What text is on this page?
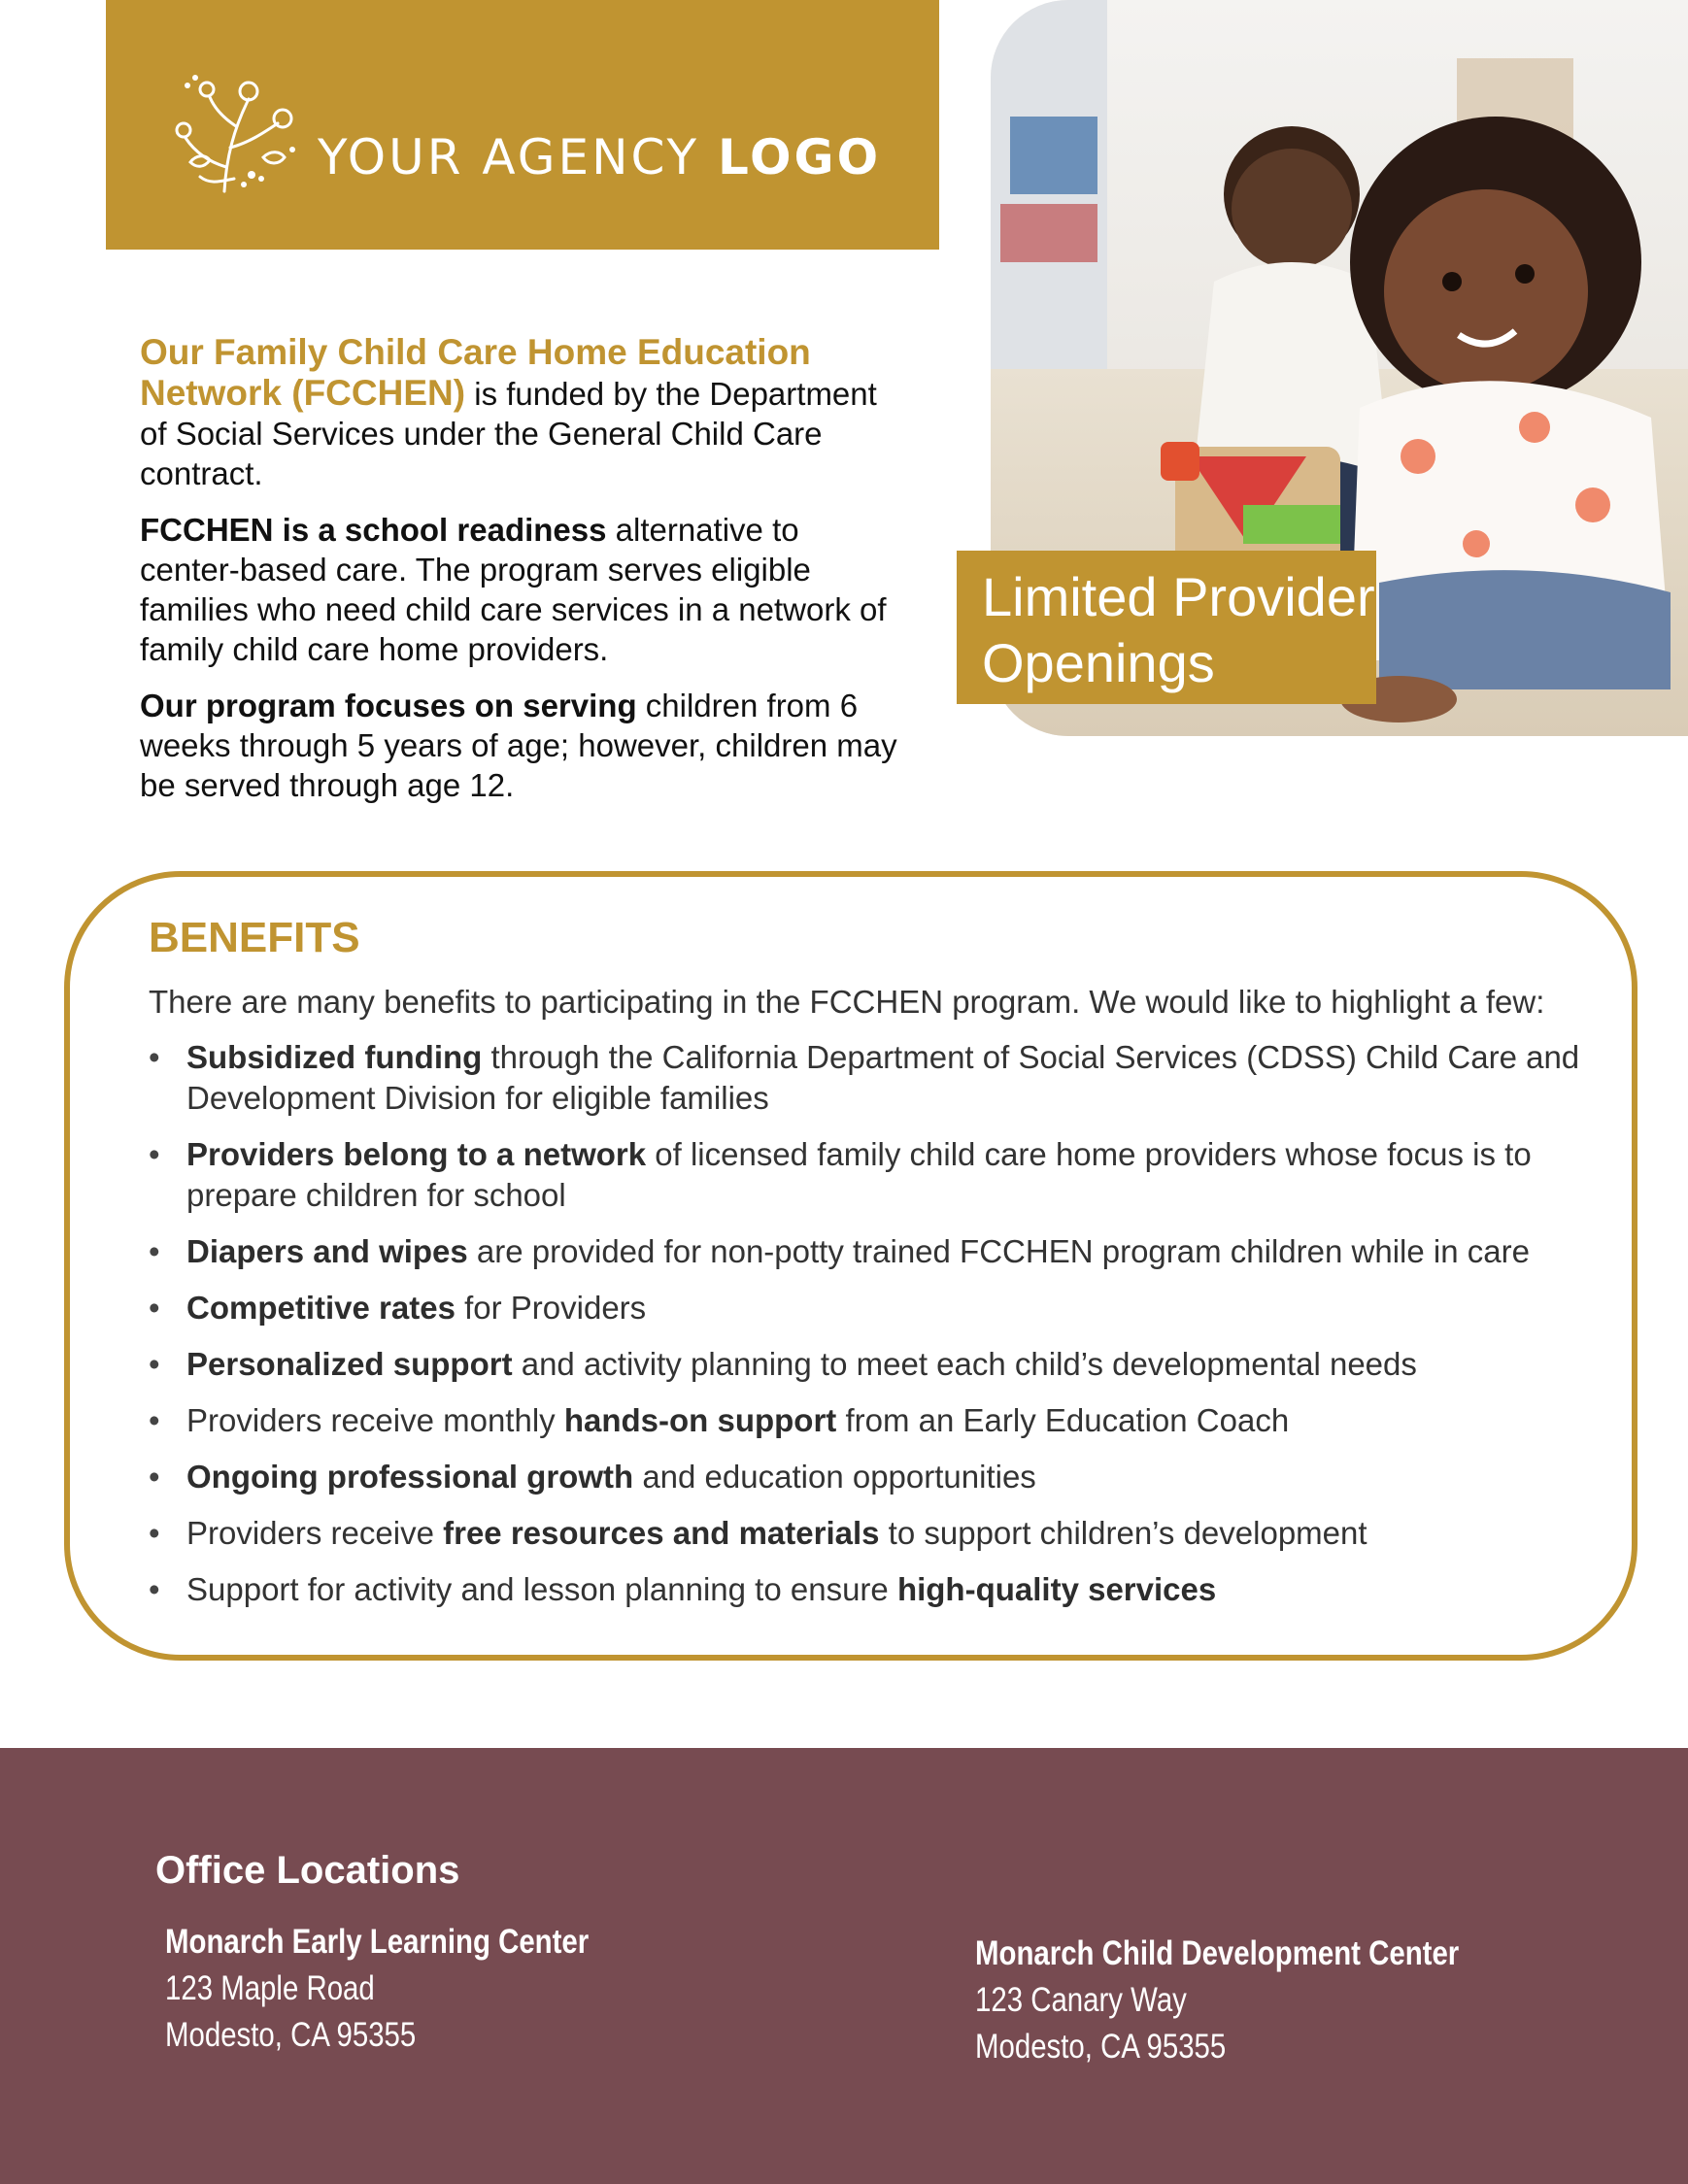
YOUR AGENCY LOGO

Our Family Child Care Home Education Network (FCCHEN) is funded by the Department of Social Services under the General Child Care contract.

FCCHEN is a school readiness alternative to center-based care. The program serves eligible families who need child care services in a network of family child care home providers.

Our program focuses on serving children from 6 weeks through 5 years of age; however, children may be served through age 12.

Limited Provider
Openings
BENEFITS

There are many benefits to participating in the FCCHEN program. We would like to highlight a few:

• Subsidized funding through the California Department of Social Services (CDSS) Child Care and Development Division for eligible families
• Providers belong to a network of licensed family child care home providers whose focus is to prepare children for school
• Diapers and wipes are provided for non-potty trained FCCHEN program children while in care
• Competitive rates for Providers
• Personalized support and activity planning to meet each child’s developmental needs
• Providers receive monthly hands-on support from an Early Education Coach
• Ongoing professional growth and education opportunities
• Providers receive free resources and materials to support children’s development
• Support for activity and lesson planning to ensure high-quality services
Office Locations
Monarch Early Learning Center
123 Maple Road
Modesto, CA 95355
Monarch Child Development Center
123 Canary Way
Modesto, CA 95355
